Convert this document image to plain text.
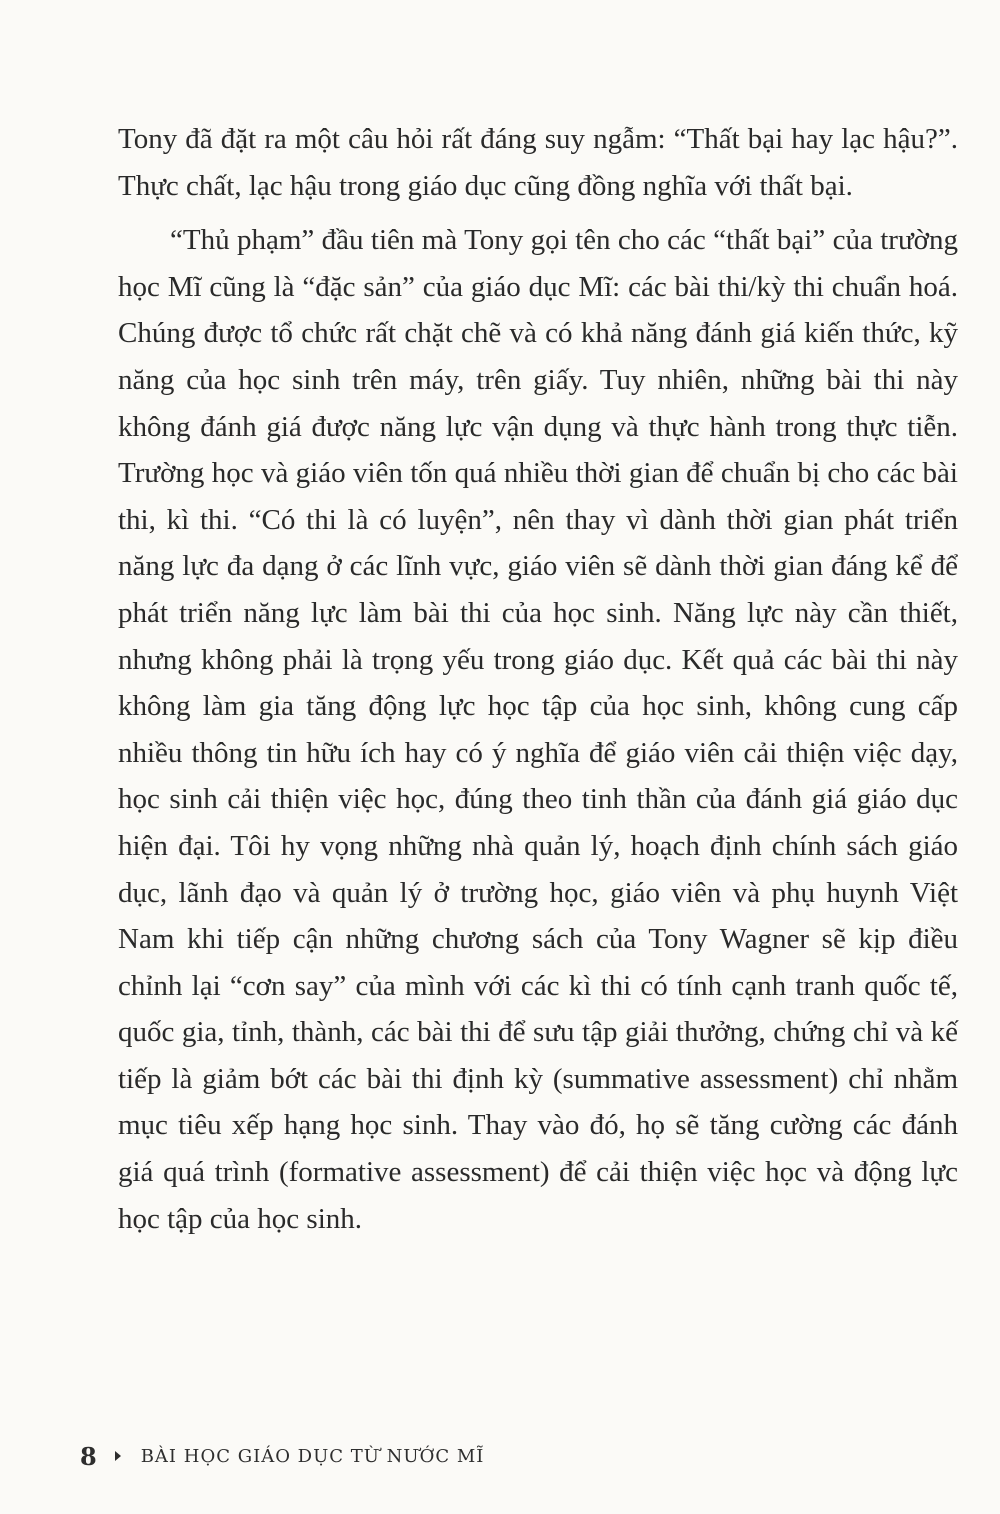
Tony đã đặt ra một câu hỏi rất đáng suy ngẫm: “Thất bại hay lạc hậu?”. Thực chất, lạc hậu trong giáo dục cũng đồng nghĩa với thất bại.

“Thủ phạm” đầu tiên mà Tony gọi tên cho các “thất bại” của trường học Mĩ cũng là “đặc sản” của giáo dục Mĩ: các bài thi/kỳ thi chuẩn hoá. Chúng được tổ chức rất chặt chẽ và có khả năng đánh giá kiến thức, kỹ năng của học sinh trên máy, trên giấy. Tuy nhiên, những bài thi này không đánh giá được năng lực vận dụng và thực hành trong thực tiễn. Trường học và giáo viên tốn quá nhiều thời gian để chuẩn bị cho các bài thi, kì thi. “Có thi là có luyện”, nên thay vì dành thời gian phát triển năng lực đa dạng ở các lĩnh vực, giáo viên sẽ dành thời gian đáng kể để phát triển năng lực làm bài thi của học sinh. Năng lực này cần thiết, nhưng không phải là trọng yếu trong giáo dục. Kết quả các bài thi này không làm gia tăng động lực học tập của học sinh, không cung cấp nhiều thông tin hữu ích hay có ý nghĩa để giáo viên cải thiện việc dạy, học sinh cải thiện việc học, đúng theo tinh thần của đánh giá giáo dục hiện đại. Tôi hy vọng những nhà quản lý, hoạch định chính sách giáo dục, lãnh đạo và quản lý ở trường học, giáo viên và phụ huynh Việt Nam khi tiếp cận những chương sách của Tony Wagner sẽ kịp điều chỉnh lại “cơn say” của mình với các kì thi có tính cạnh tranh quốc tế, quốc gia, tỉnh, thành, các bài thi để sưu tập giải thưởng, chứng chỉ và kế tiếp là giảm bớt các bài thi định kỳ (summative assessment) chỉ nhằm mục tiêu xếp hạng học sinh. Thay vào đó, họ sẽ tăng cường các đánh giá quá trình (formative assessment) để cải thiện việc học và động lực học tập của học sinh.

8 BÀI HỌC GIÁO DỤC TỪ NƯỚC MĨ
